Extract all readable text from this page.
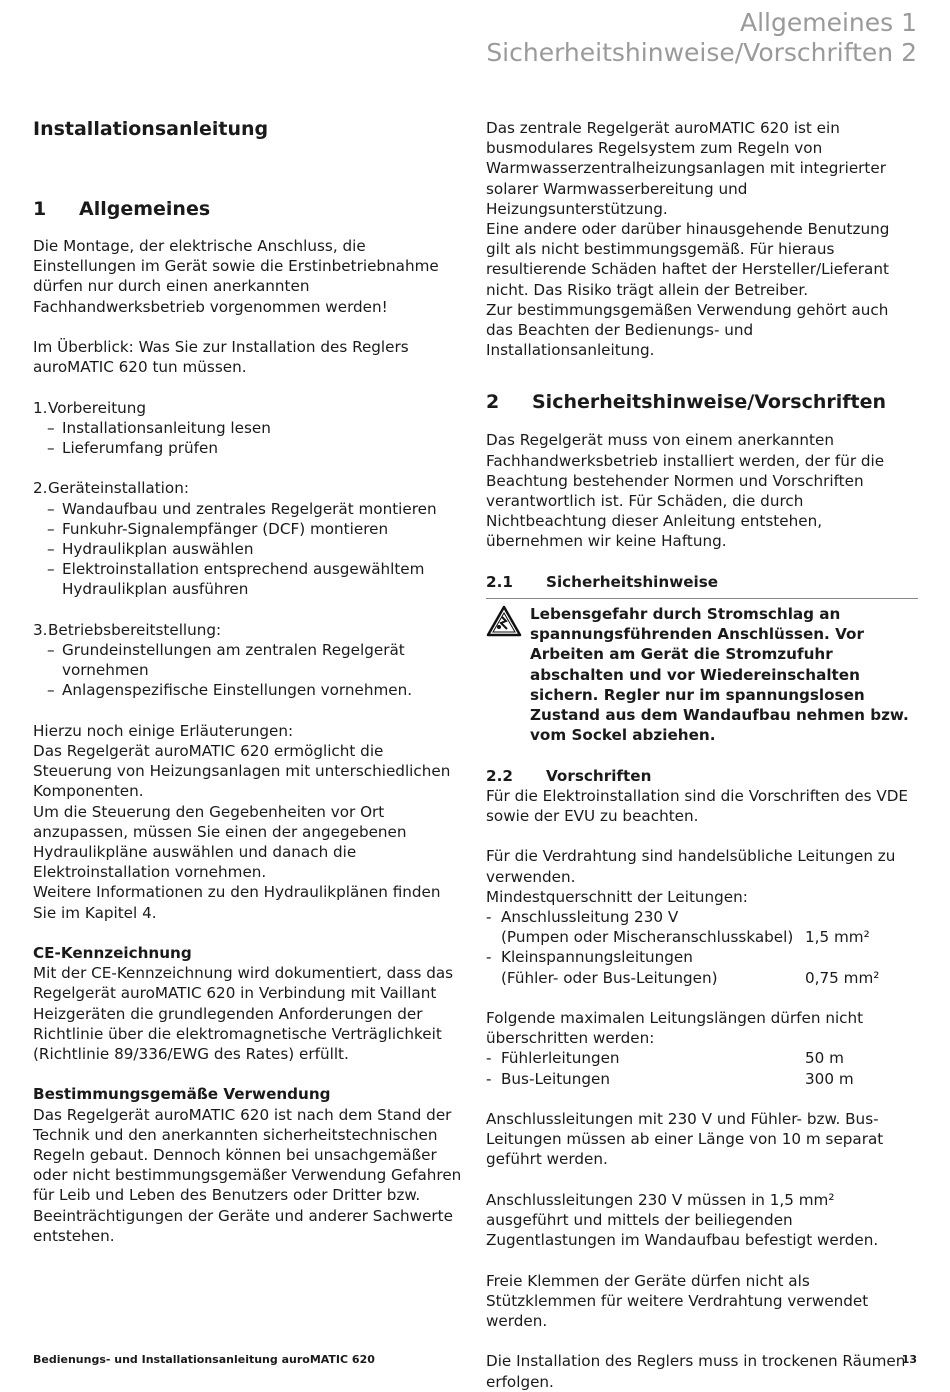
Allgemeines 1
Sicherheitshinweise/Vorschriften 2

Installationsanleitung

1	Allgemeines

Die Montage, der elektrische Anschluss, die Einstellungen im Gerät sowie die Erstinbetriebnahme dürfen nur durch einen anerkannten Fachhandwerksbetrieb vorgenommen werden!

Im Überblick: Was Sie zur Installation des Reglers auroMATIC 620 tun müssen.

1. Vorbereitung
– Installationsanleitung lesen
– Lieferumfang prüfen
2. Geräteinstallation:
– Wandaufbau und zentrales Regelgerät montieren
– Funkuhr-Signalempfänger (DCF) montieren
– Hydraulikplan auswählen
– Elektroinstallation entsprechend ausgewähltem Hydraulikplan ausführen
3. Betriebsbereitstellung:
– Grundeinstellungen am zentralen Regelgerät vornehmen
– Anlagenspezifische Einstellungen vornehmen.

Hierzu noch einige Erläuterungen:

Das Regelgerät auroMATIC 620 ermöglicht die Steuerung von Heizungsanlagen mit unterschiedlichen Komponenten.

Um die Steuerung den Gegebenheiten vor Ort anzupassen, müssen Sie einen der angegebenen Hydraulikpläne auswählen und danach die Elektroinstallation vornehmen.

Weitere Informationen zu den Hydraulikplänen finden Sie im Kapitel 4.

CE-Kennzeichnung

Mit der CE-Kennzeichnung wird dokumentiert, dass das Regelgerät auroMATIC 620 in Verbindung mit Vaillant Heizgeräten die grundlegenden Anforderungen der Richtlinie über die elektromagnetische Verträglichkeit (Richtlinie 89/336/EWG des Rates) erfüllt.

Bestimmungsgemäße Verwendung

Das Regelgerät auroMATIC 620 ist nach dem Stand der Technik und den anerkannten sicherheitstechnischen Regeln gebaut. Dennoch können bei unsachgemäßer oder nicht bestimmungsgemäßer Verwendung Gefahren für Leib und Leben des Benutzers oder Dritter bzw. Beeinträchtigungen der Geräte und anderer Sachwerte entstehen.

Das zentrale Regelgerät auroMATIC 620 ist ein busmodulares Regelsystem zum Regeln von Warmwasserzentralheizungsanlagen mit integrierter solarer Warmwasserbereitung und Heizungsunterstützung.

Eine andere oder darüber hinausgehende Benutzung gilt als nicht bestimmungsgemäß. Für hieraus resultierende Schäden haftet der Hersteller/Lieferant nicht. Das Risiko trägt allein der Betreiber.

Zur bestimmungsgemäßen Verwendung gehört auch das Beachten der Bedienungs- und Installationsanleitung.

2	Sicherheitshinweise/Vorschriften

Das Regelgerät muss von einem anerkannten Fachhandwerksbetrieb installiert werden, der für die Beachtung bestehender Normen und Vorschriften verantwortlich ist. Für Schäden, die durch Nichtbeachtung dieser Anleitung entstehen, übernehmen wir keine Haftung.

2.1	Sicherheitshinweise

Lebensgefahr durch Stromschlag an spannungsführenden Anschlüssen. Vor Arbeiten am Gerät die Stromzufuhr abschalten und vor Wiedereinschalten sichern. Regler nur im spannungslosen Zustand aus dem Wandaufbau nehmen bzw. vom Sockel abziehen.

2.2	Vorschriften

Für die Elektroinstallation sind die Vorschriften des VDE sowie der EVU zu beachten.

Für die Verdrahtung sind handelsübliche Leitungen zu verwenden.

Mindestquerschnitt der Leitungen:

- Anschlussleitung 230 V
(Pumpen oder Mischeranschlusskabel) 1,5 mm²
- Kleinspannungsleitungen
(Fühler- oder Bus-Leitungen)	0,75 mm²

Folgende maximalen Leitungslängen dürfen nicht überschritten werden:

- Fühlerleitungen	50 m
- Bus-Leitungen	300 m

Anschlussleitungen mit 230 V und Fühler- bzw. Bus-Leitungen müssen ab einer Länge von 10 m separat geführt werden.

Anschlussleitungen 230 V müssen in 1,5 mm² ausgeführt und mittels der beiliegenden Zugentlastungen im Wandaufbau befestigt werden.

Freie Klemmen der Geräte dürfen nicht als Stützklemmen für weitere Verdrahtung verwendet werden.

Die Installation des Reglers muss in trockenen Räumen erfolgen.

Bedienungs- und Installationsanleitung auroMATIC 620	13
